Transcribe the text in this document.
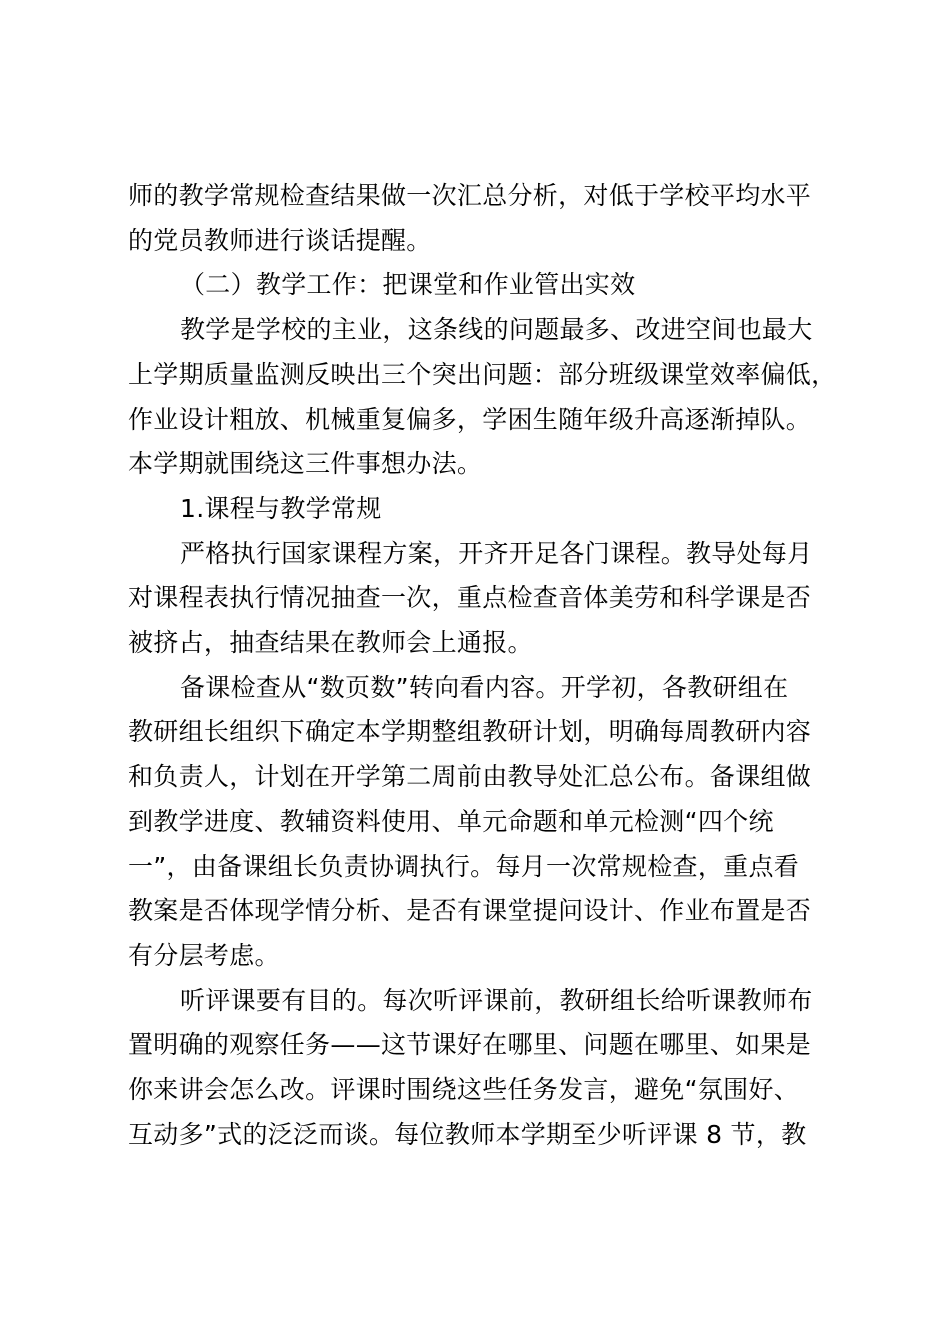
师的教学常规检查结果做一次汇总分析，对低于学校平均水平
的党员教师进行谈话提醒。

（二）教学工作：把课堂和作业管出实效

教学是学校的主业，这条线的问题最多、改进空间也最大
上学期质量监测反映出三个突出问题：部分班级课堂效率偏低，
作业设计粗放、机械重复偏多，学困生随年级升高逐渐掉队。
本学期就围绕这三件事想办法。

1.课程与教学常规

严格执行国家课程方案，开齐开足各门课程。教导处每月
对课程表执行情况抽查一次，重点检查音体美劳和科学课是否
被挤占，抽查结果在教师会上通报。

备课检查从“数页数”转向看内容。开学初，各教研组在
教研组长组织下确定本学期整组教研计划，明确每周教研内容
和负责人，计划在开学第二周前由教导处汇总公布。备课组做
到教学进度、教辅资料使用、单元命题和单元检测“四个统
一”，由备课组长负责协调执行。每月一次常规检查，重点看
教案是否体现学情分析、是否有课堂提问设计、作业布置是否
有分层考虑。

听评课要有目的。每次听评课前，教研组长给听课教师布
置明确的观察任务——这节课好在哪里、问题在哪里、如果是
你来讲会怎么改。评课时围绕这些任务发言，避免“氛围好、
互动多”式的泛泛而谈。每位教师本学期至少听评课 8 节，教
